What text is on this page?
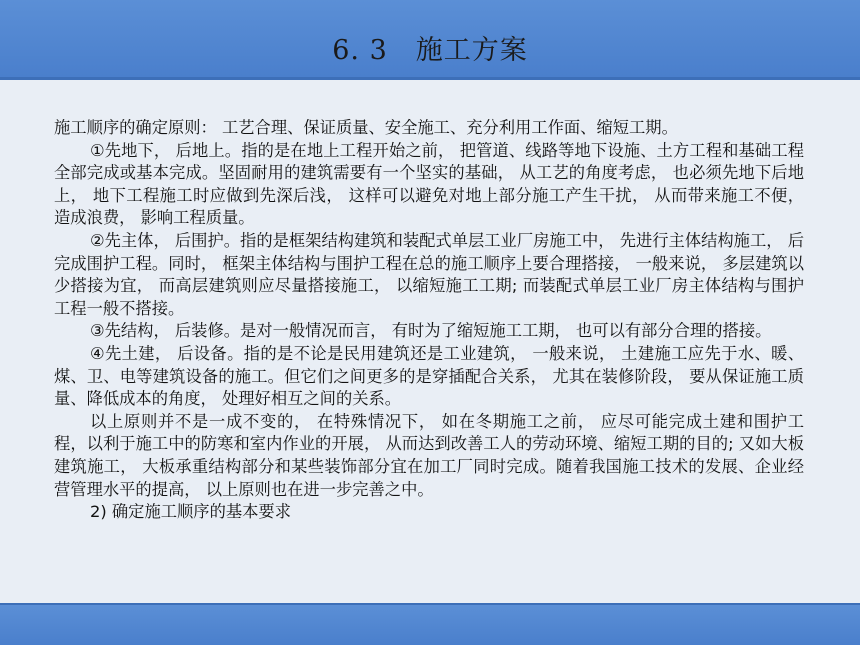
6. 3　施工方案

施工顺序的确定原则： 工艺合理、保证质量、安全施工、充分利用工作面、缩短工期。

①先地下， 后地上。指的是在地上工程开始之前， 把管道、线路等地下设施、土方工程和基础工程全部完成或基本完成。坚固耐用的建筑需要有一个坚实的基础， 从工艺的角度考虑， 也必须先地下后地上， 地下工程施工时应做到先深后浅， 这样可以避免对地上部分施工产生干扰， 从而带来施工不便， 造成浪费， 影响工程质量。

②先主体， 后围护。指的是框架结构建筑和装配式单层工业厂房施工中， 先进行主体结构施工， 后完成围护工程。同时， 框架主体结构与围护工程在总的施工顺序上要合理搭接， 一般来说， 多层建筑以少搭接为宜， 而高层建筑则应尽量搭接施工， 以缩短施工工期; 而装配式单层工业厂房主体结构与围护工程一般不搭接。

③先结构， 后装修。是对一般情况而言， 有时为了缩短施工工期， 也可以有部分合理的搭接。

④先土建， 后设备。指的是不论是民用建筑还是工业建筑， 一般来说， 土建施工应先于水、暖、煤、卫、电等建筑设备的施工。但它们之间更多的是穿插配合关系， 尤其在装修阶段， 要从保证施工质量、降低成本的角度， 处理好相互之间的关系。

以上原则并不是一成不变的， 在特殊情况下， 如在冬期施工之前， 应尽可能完成土建和围护工程，以利于施工中的防寒和室内作业的开展， 从而达到改善工人的劳动环境、缩短工期的目的; 又如大板建筑施工， 大板承重结构部分和某些装饰部分宜在加工厂同时完成。随着我国施工技术的发展、企业经营管理水平的提高， 以上原则也在进一步完善之中。

2) 确定施工顺序的基本要求
